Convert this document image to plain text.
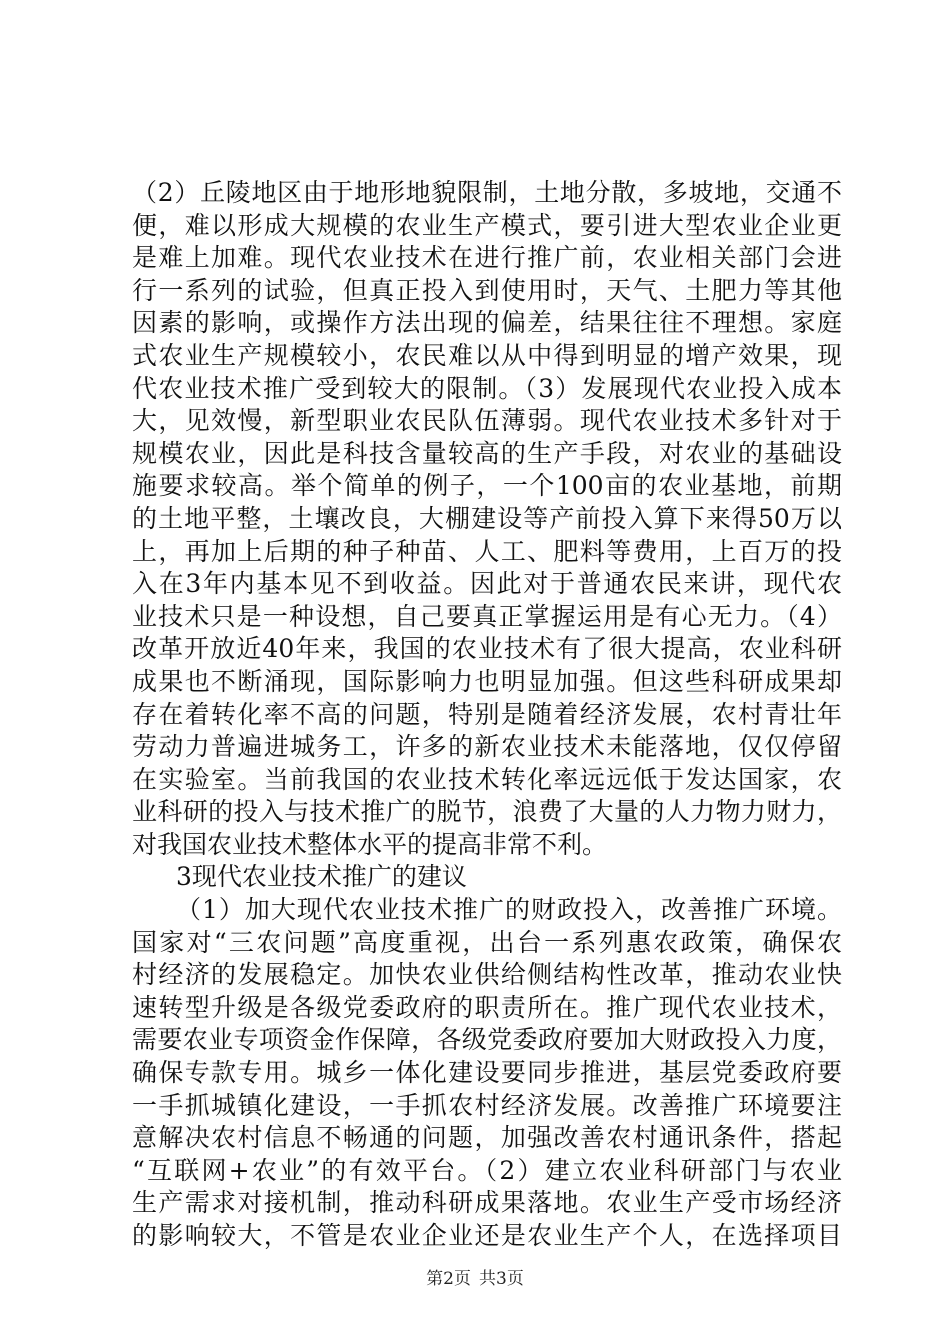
（2）丘陵地区由于地形地貌限制，土地分散，多坡地，交通不
便，难以形成大规模的农业生产模式，要引进大型农业企业更
是难上加难。现代农业技术在进行推广前，农业相关部门会进
行一系列的试验，但真正投入到使用时，天气、土肥力等其他
因素的影响，或操作方法出现的偏差，结果往往不理想。家庭
式农业生产规模较小，农民难以从中得到明显的增产效果，现
代农业技术推广受到较大的限制。（3）发展现代农业投入成本
大，见效慢，新型职业农民队伍薄弱。现代农业技术多针对于
规模农业，因此是科技含量较高的生产手段，对农业的基础设
施要求较高。举个简单的例子，一个100亩的农业基地，前期
的土地平整，土壤改良，大棚建设等产前投入算下来得50万以
上，再加上后期的种子种苗、人工、肥料等费用，上百万的投
入在3年内基本见不到收益。因此对于普通农民来讲，现代农
业技术只是一种设想，自己要真正掌握运用是有心无力。（4）
改革开放近40年来，我国的农业技术有了很大提高，农业科研
成果也不断涌现，国际影响力也明显加强。但这些科研成果却
存在着转化率不高的问题，特别是随着经济发展，农村青壮年
劳动力普遍进城务工，许多的新农业技术未能落地，仅仅停留
在实验室。当前我国的农业技术转化率远远低于发达国家，农
业科研的投入与技术推广的脱节，浪费了大量的人力物力财力，
对我国农业技术整体水平的提高非常不利。
3现代农业技术推广的建议
（1）加大现代农业技术推广的财政投入，改善推广环境。
国家对“三农问题”高度重视，出台一系列惠农政策，确保农
村经济的发展稳定。加快农业供给侧结构性改革，推动农业快
速转型升级是各级党委政府的职责所在。推广现代农业技术，
需要农业专项资金作保障，各级党委政府要加大财政投入力度，
确保专款专用。城乡一体化建设要同步推进，基层党委政府要
一手抓城镇化建设，一手抓农村经济发展。改善推广环境要注
意解决农村信息不畅通的问题，加强改善农村通讯条件，搭起
“互联网+农业”的有效平台。（2）建立农业科研部门与农业
生产需求对接机制，推动科研成果落地。农业生产受市场经济
的影响较大，不管是农业企业还是农业生产个人，在选择项目
第2页 共3页
